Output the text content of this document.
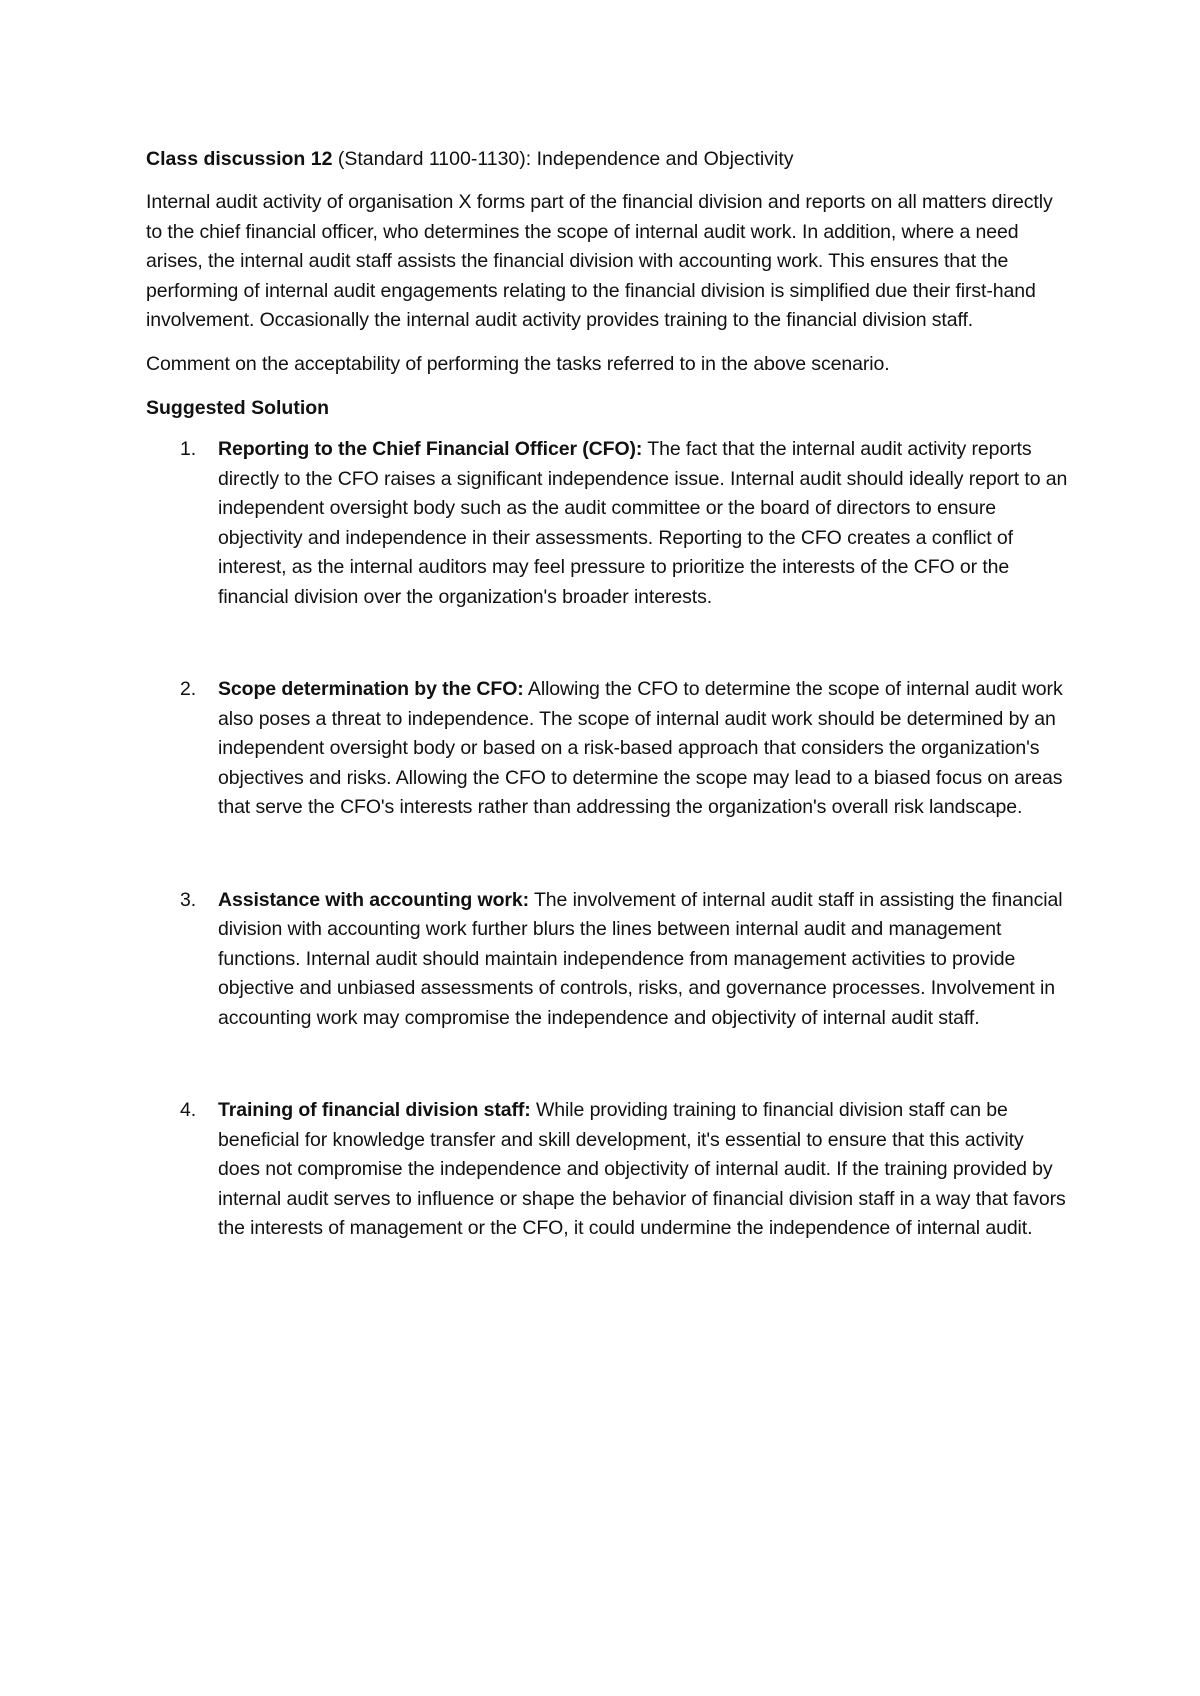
Class discussion 12 (Standard 1100-1130): Independence and Objectivity

Internal audit activity of organisation X forms part of the financial division and reports on all matters directly to the chief financial officer, who determines the scope of internal audit work. In addition, where a need arises, the internal audit staff assists the financial division with accounting work. This ensures that the performing of internal audit engagements relating to the financial division is simplified due their first-hand involvement. Occasionally the internal audit activity provides training to the financial division staff.

Comment on the acceptability of performing the tasks referred to in the above scenario.

Suggested Solution

1. Reporting to the Chief Financial Officer (CFO): The fact that the internal audit activity reports directly to the CFO raises a significant independence issue. Internal audit should ideally report to an independent oversight body such as the audit committee or the board of directors to ensure objectivity and independence in their assessments. Reporting to the CFO creates a conflict of interest, as the internal auditors may feel pressure to prioritize the interests of the CFO or the financial division over the organization's broader interests.
2. Scope determination by the CFO: Allowing the CFO to determine the scope of internal audit work also poses a threat to independence. The scope of internal audit work should be determined by an independent oversight body or based on a risk-based approach that considers the organization's objectives and risks. Allowing the CFO to determine the scope may lead to a biased focus on areas that serve the CFO's interests rather than addressing the organization's overall risk landscape.
3. Assistance with accounting work: The involvement of internal audit staff in assisting the financial division with accounting work further blurs the lines between internal audit and management functions. Internal audit should maintain independence from management activities to provide objective and unbiased assessments of controls, risks, and governance processes. Involvement in accounting work may compromise the independence and objectivity of internal audit staff.
4. Training of financial division staff: While providing training to financial division staff can be beneficial for knowledge transfer and skill development, it's essential to ensure that this activity does not compromise the independence and objectivity of internal audit. If the training provided by internal audit serves to influence or shape the behavior of financial division staff in a way that favors the interests of management or the CFO, it could undermine the independence of internal audit.
